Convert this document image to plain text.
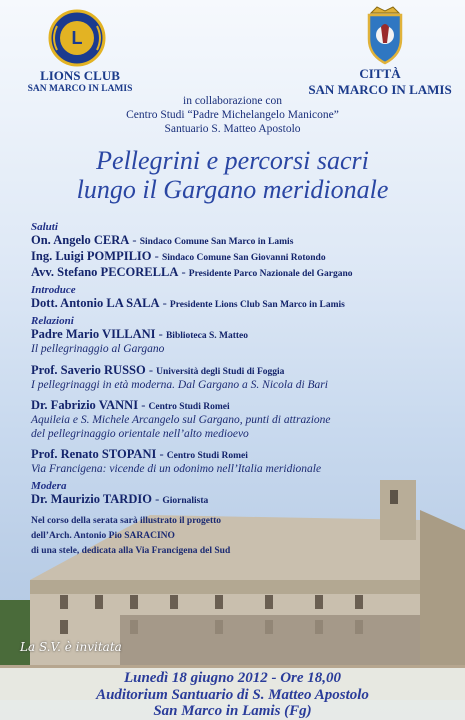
L
LIONS CLUB
SAN MARCO IN LAMIS
CITTÀ
SAN MARCO IN LAMIS
in collaborazione con
Centro Studi “Padre Michelangelo Manicone”
Santuario S. Matteo Apostolo
Pellegrini e percorsi sacri
lungo il Gargano meridionale
Saluti
On. Angelo CERA - Sindaco Comune San Marco in Lamis
Ing. Luigi POMPILIO - Sindaco Comune San Giovanni Rotondo
Avv. Stefano PECORELLA - Presidente Parco Nazionale del Gargano
Introduce
Dott. Antonio LA SALA - Presidente Lions Club San Marco in Lamis
Relazioni
Padre Mario VILLANI - Biblioteca S. Matteo
Il pellegrinaggio al Gargano
Prof. Saverio RUSSO - Università degli Studi di Foggia
I pellegrinaggi in età moderna. Dal Gargano a S. Nicola di Bari
Dr. Fabrizio VANNI - Centro Studi Romei
Aquileia e S. Michele Arcangelo sul Gargano, punti di attrazione
del pellegrinaggio orientale nell’alto medioevo
Prof. Renato STOPANI - Centro Studi Romei
Via Francigena: vicende di un odonimo nell’Italia meridionale
Modera
Dr. Maurizio TARDIO - Giornalista
Nel corso della serata sarà illustrato il progetto
dell’Arch. Antonio Pio SARACINO
di una stele, dedicata alla Via Francigena del Sud
La S.V. è invitata
Lunedì 18 giugno 2012 - Ore 18,00
Auditorium Santuario di S. Matteo Apostolo
San Marco in Lamis (Fg)
